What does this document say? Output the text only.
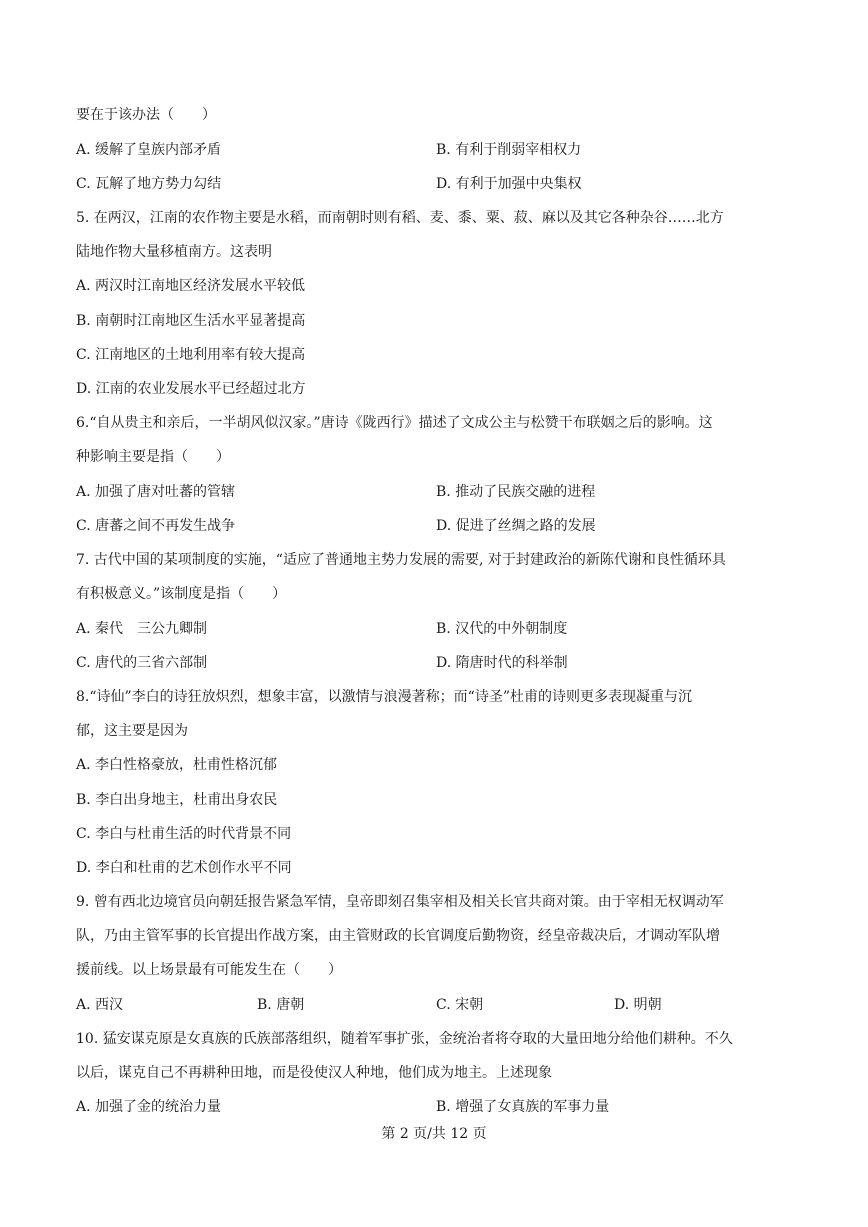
要在于该办法（　　）
A. 缓解了皇族内部矛盾	B. 有利于削弱宰相权力
C. 瓦解了地方势力勾结	D. 有利于加强中央集权
5. 在两汉，江南的农作物主要是水稻，而南朝时则有稻、麦、黍、粟、菽、麻以及其它各种杂谷……北方
陆地作物大量移植南方。这表明
A. 两汉时江南地区经济发展水平较低
B. 南朝时江南地区生活水平显著提高
C. 江南地区的土地利用率有较大提高
D. 江南的农业发展水平已经超过北方
6.“自从贵主和亲后，一半胡风似汉家。”唐诗《陇西行》描述了文成公主与松赞干布联姻之后的影响。这
种影响主要是指（　　）
A. 加强了唐对吐蕃的管辖	B. 推动了民族交融的进程
C. 唐蕃之间不再发生战争	D. 促进了丝绸之路的发展
7. 古代中国的某项制度的实施，“适应了普通地主势力发展的需要, 对于封建政治的新陈代谢和良性循环具
有积极意义。”该制度是指（　　）
A. 秦代　三公九卿制	B. 汉代的中外朝制度
C. 唐代的三省六部制	D. 隋唐时代的科举制
8.“诗仙”李白的诗狂放炽烈，想象丰富，以激情与浪漫著称；而“诗圣”杜甫的诗则更多表现凝重与沉
郁，这主要是因为
A. 李白性格豪放，杜甫性格沉郁
B. 李白出身地主，杜甫出身农民
C. 李白与杜甫生活的时代背景不同
D. 李白和杜甫的艺术创作水平不同
9. 曾有西北边境官员向朝廷报告紧急军情，皇帝即刻召集宰相及相关长官共商对策。由于宰相无权调动军
队，乃由主管军事的长官提出作战方案，由主管财政的长官调度后勤物资，经皇帝裁决后，才调动军队增
援前线。以上场景最有可能发生在（　　）
A. 西汉	B. 唐朝	C. 宋朝	D. 明朝
10. 猛安谋克原是女真族的氏族部落组织，随着军事扩张，金统治者将夺取的大量田地分给他们耕种。不久
以后，谋克自己不再耕种田地，而是役使汉人种地，他们成为地主。上述现象
A. 加强了金的统治力量	B. 增强了女真族的军事力量
第 2 页/共 12 页
